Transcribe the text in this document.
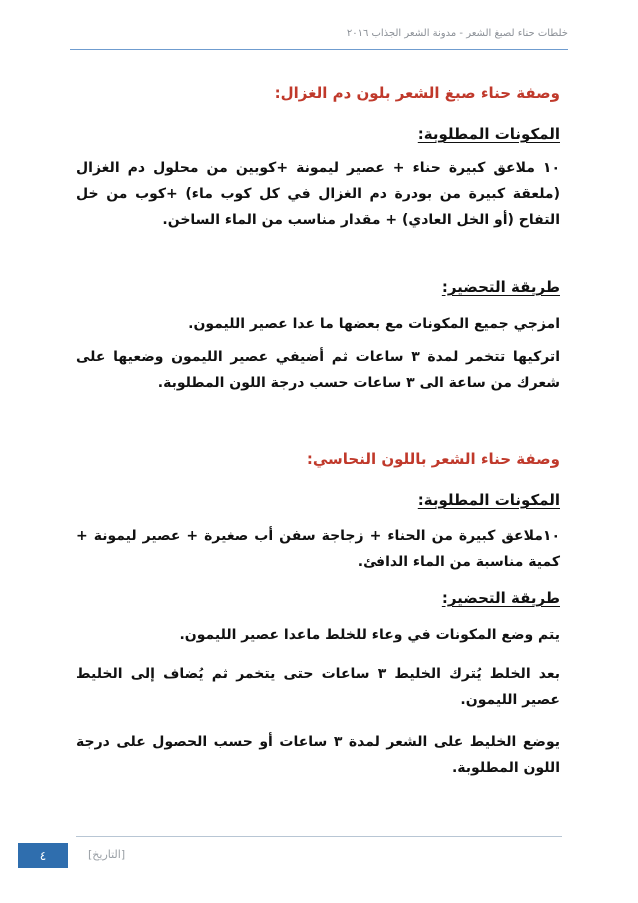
خلطات حناء لصبغ الشعر - مدونة الشعر الجذاب ٢٠١٦
وصفة حناء صبغ الشعر بلون دم الغزال:
المكونات المطلوبة:
١٠ ملاعق كبيرة حناء + عصير ليمونة +كوبين من محلول دم الغزال (ملعقة كبيرة من بودرة دم الغزال في كل كوب ماء) +كوب من خل التفاح (أو الخل العادي) + مقدار مناسب من الماء الساخن.
طريقة التحضير:
امزجي جميع المكونات مع بعضها ما عدا عصير الليمون.
اتركيها تتخمر لمدة ٣ ساعات ثم أضيفي عصير الليمون وضعيها على شعرك من ساعة الى ٣ ساعات حسب درجة اللون المطلوبة.
وصفة حناء الشعر باللون النحاسي:
المكونات المطلوبة:
١٠ملاعق كبيرة من الحناء + زجاجة سفن أب صغيرة + عصير ليمونة + كمية مناسبة من الماء الدافئ.
طريقة التحضير:
يتم وضع المكونات في وعاء للخلط ماعدا عصير الليمون.
بعد الخلط يُترك الخليط ٣ ساعات حتى يتخمر ثم يُضاف إلى الخليط عصير الليمون.
يوضع الخليط على الشعر لمدة ٣ ساعات أو حسب الحصول على درجة اللون المطلوبة.
[التاريخ]
٤
